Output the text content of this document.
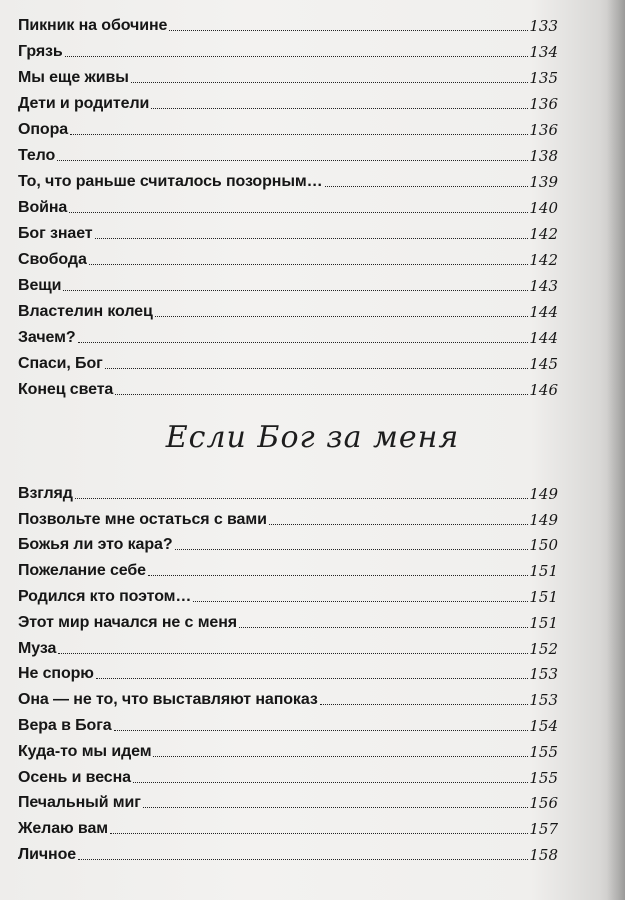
Пикник на обочине	133
Грязь	134
Мы еще живы	135
Дети и родители	136
Опора	136
Тело	138
То, что раньше считалось позорным…	139
Война	140
Бог знает	142
Свобода	142
Вещи	143
Властелин колец	144
Зачем?	144
Спаси, Бог	145
Конец света	146
Если Бог за меня
Взгляд	149
Позвольте мне остаться с вами	149
Божья ли это кара?	150
Пожелание себе	151
Родился кто поэтом…	151
Этот мир начался не с меня	151
Муза	152
Не спорю	153
Она — не то, что выставляют напоказ	153
Вера в Бога	154
Куда-то мы идем	155
Осень и весна	155
Печальный миг	156
Желаю вам	157
Личное	158
